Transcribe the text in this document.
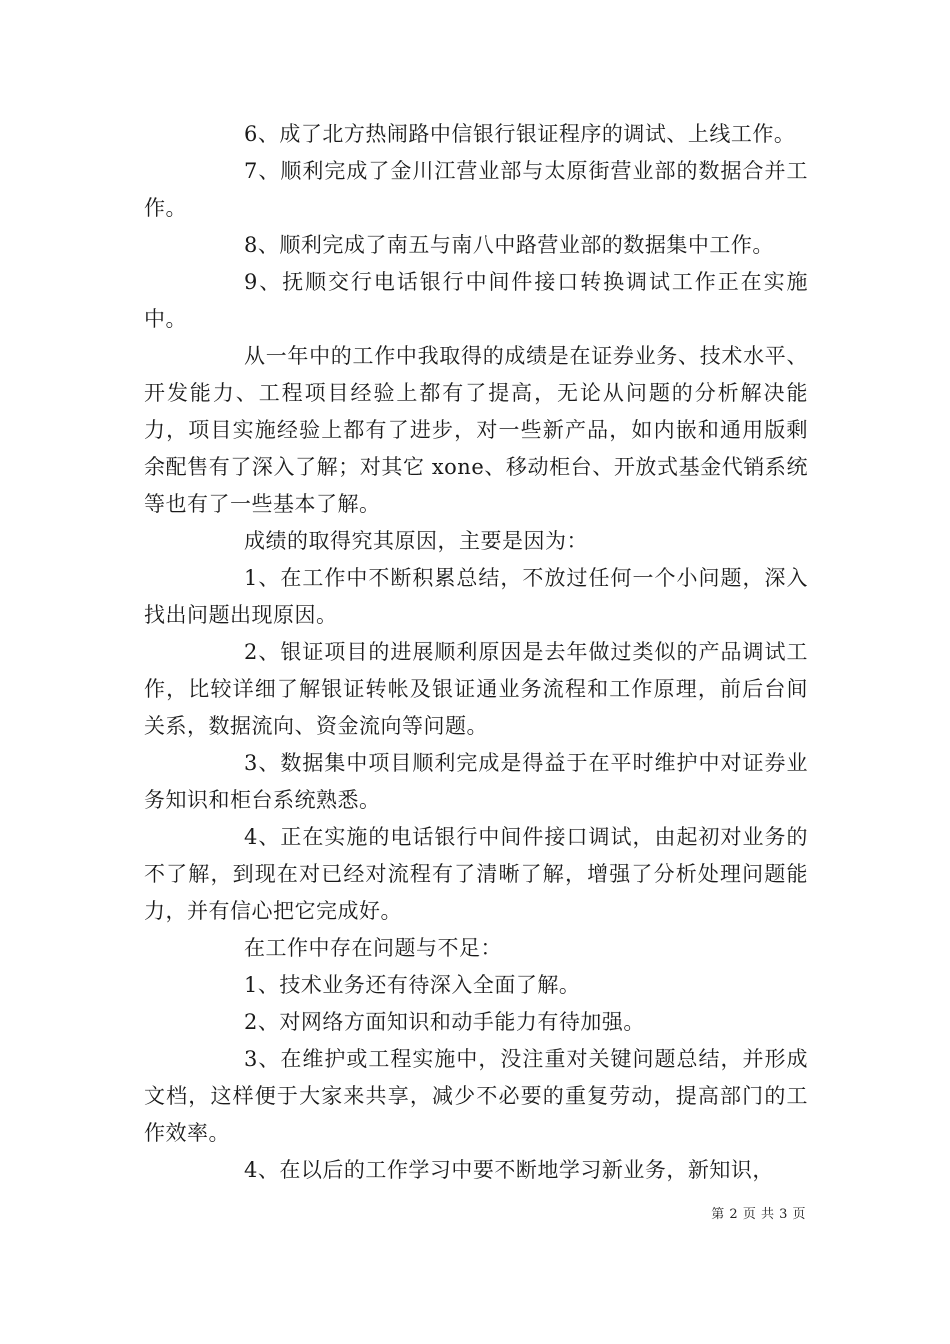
6、成了北方热闹路中信银行银证程序的调试、上线工作。

7、顺利完成了金川江营业部与太原街营业部的数据合并工作。

8、顺利完成了南五与南八中路营业部的数据集中工作。

9、抚顺交行电话银行中间件接口转换调试工作正在实施中。

从一年中的工作中我取得的成绩是在证券业务、技术水平、开发能力、工程项目经验上都有了提高，无论从问题的分析解决能力，项目实施经验上都有了进步，对一些新产品，如内嵌和通用版剩余配售有了深入了解；对其它 xone、移动柜台、开放式基金代销系统等也有了一些基本了解。

成绩的取得究其原因，主要是因为：

1、在工作中不断积累总结，不放过任何一个小问题，深入找出问题出现原因。

2、银证项目的进展顺利原因是去年做过类似的产品调试工作，比较详细了解银证转帐及银证通业务流程和工作原理，前后台间关系，数据流向、资金流向等问题。

3、数据集中项目顺利完成是得益于在平时维护中对证券业务知识和柜台系统熟悉。

4、正在实施的电话银行中间件接口调试，由起初对业务的不了解，到现在对已经对流程有了清晰了解，增强了分析处理问题能力，并有信心把它完成好。

在工作中存在问题与不足：

1、技术业务还有待深入全面了解。

2、对网络方面知识和动手能力有待加强。

3、在维护或工程实施中，没注重对关键问题总结，并形成文档，这样便于大家来共享，减少不必要的重复劳动，提高部门的工作效率。

4、在以后的工作学习中要不断地学习新业务，新知识，

第 2 页 共 3 页
